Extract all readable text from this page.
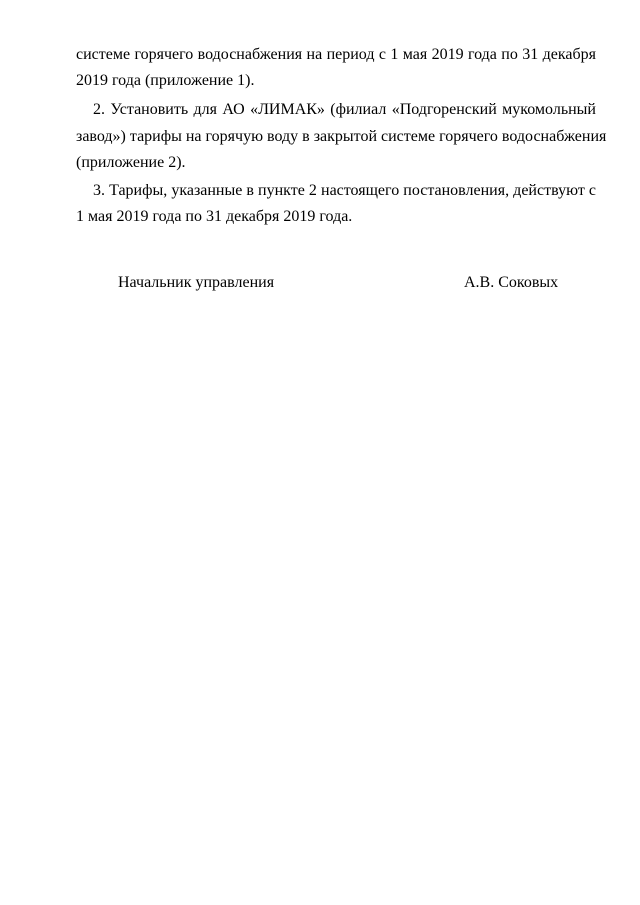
системе горячего водоснабжения на период с 1 мая 2019 года по 31 декабря
2019 года (приложение 1).
2. Установить для АО «ЛИМАК» (филиал «Подгоренский мукомольный
завод») тарифы на горячую воду в закрытой системе горячего водоснабжения
(приложение 2).
3. Тарифы, указанные в пункте 2 настоящего постановления, действуют с
1 мая 2019 года по 31 декабря 2019 года.
Начальник управления	А.В. Соковых
